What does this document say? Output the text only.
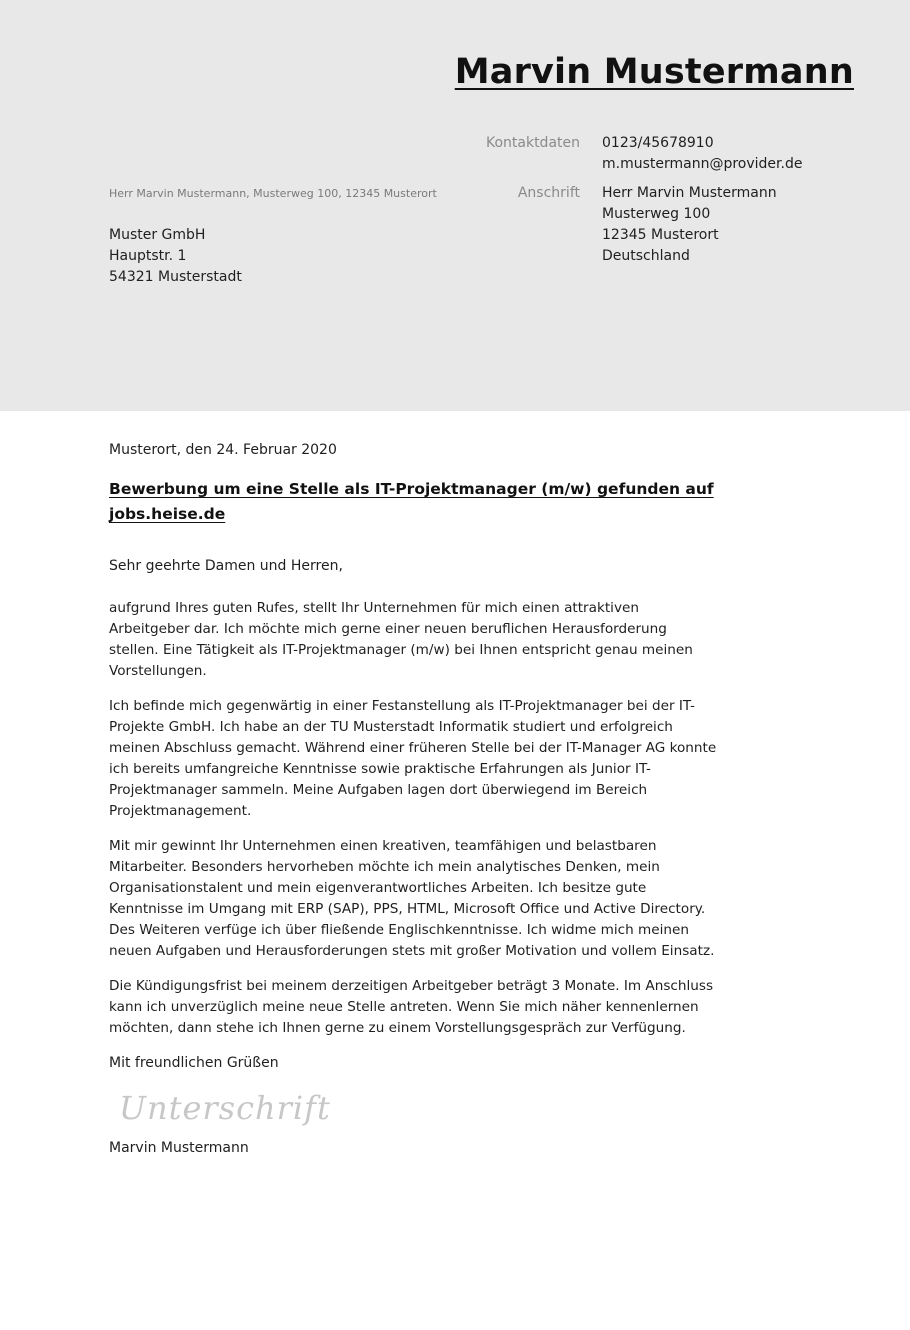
Marvin Mustermann
Kontaktdaten	0123/45678910
m.mustermann@provider.de
Anschrift	Herr Marvin Mustermann
Musterweg 100
12345 Musterort
Deutschland
Herr Marvin Mustermann, Musterweg 100, 12345 Musterort
Muster GmbH
Hauptstr. 1
54321 Musterstadt
Musterort, den 24. Februar 2020
Bewerbung um eine Stelle als IT-Projektmanager (m/w) gefunden auf jobs.heise.de
Sehr geehrte Damen und Herren,

aufgrund Ihres guten Rufes, stellt Ihr Unternehmen für mich einen attraktiven Arbeitgeber dar. Ich möchte mich gerne einer neuen beruflichen Herausforderung stellen. Eine Tätigkeit als IT-Projektmanager (m/w) bei Ihnen entspricht genau meinen Vorstellungen.

Ich befinde mich gegenwärtig in einer Festanstellung als IT-Projektmanager bei der IT-Projekte GmbH. Ich habe an der TU Musterstadt Informatik studiert und erfolgreich meinen Abschluss gemacht. Während einer früheren Stelle bei der IT-Manager AG konnte ich bereits umfangreiche Kenntnisse sowie praktische Erfahrungen als Junior IT-Projektmanager sammeln. Meine Aufgaben lagen dort überwiegend im Bereich Projektmanagement.

Mit mir gewinnt Ihr Unternehmen einen kreativen, teamfähigen und belastbaren Mitarbeiter. Besonders hervorheben möchte ich mein analytisches Denken, mein Organisationstalent und mein eigenverantwortliches Arbeiten. Ich besitze gute Kenntnisse im Umgang mit ERP (SAP), PPS, HTML, Microsoft Office und Active Directory. Des Weiteren verfüge ich über fließende Englischkenntnisse. Ich widme mich meinen neuen Aufgaben und Herausforderungen stets mit großer Motivation und vollem Einsatz.

Die Kündigungsfrist bei meinem derzeitigen Arbeitgeber beträgt 3 Monate. Im Anschluss kann ich unverzüglich meine neue Stelle antreten. Wenn Sie mich näher kennenlernen möchten, dann stehe ich Ihnen gerne zu einem Vorstellungsgespräch zur Verfügung.

Mit freundlichen Grüßen
Unterschrift
Marvin Mustermann
